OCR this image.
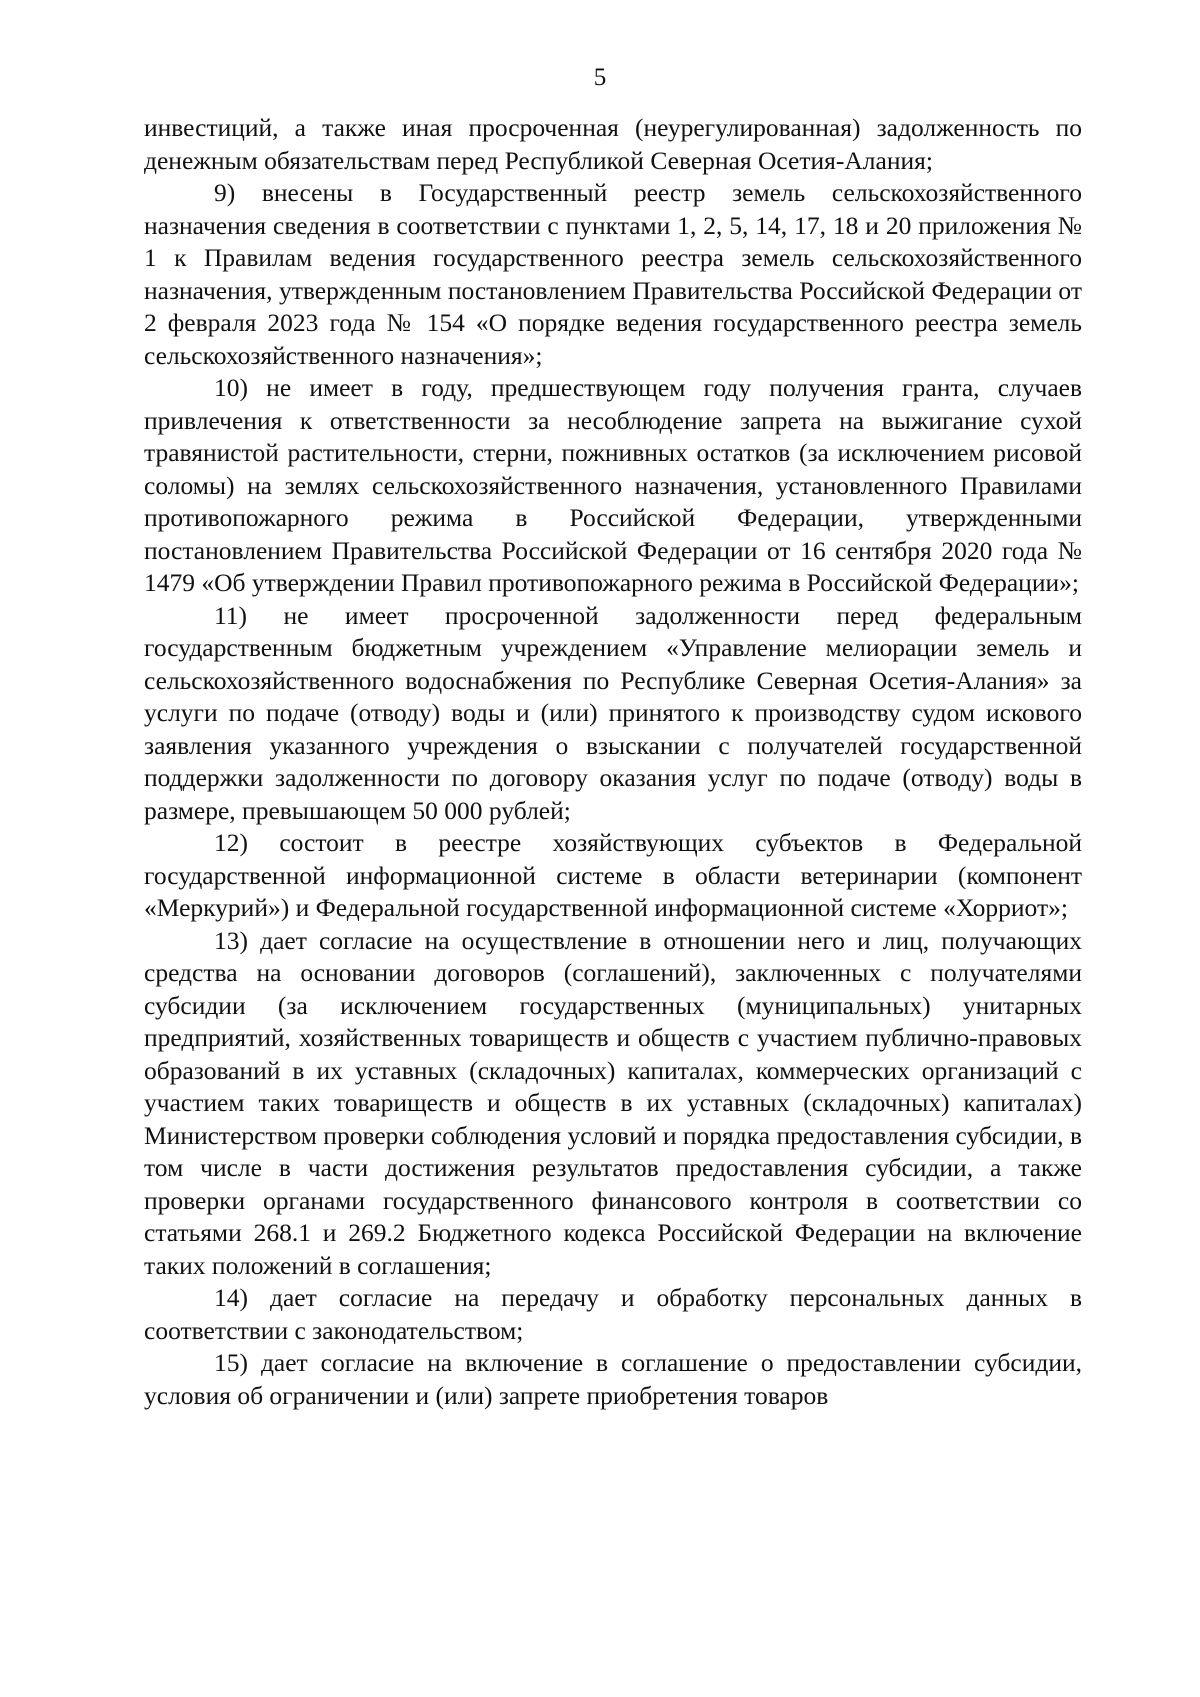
5

инвестиций, а также иная просроченная (неурегулированная) задолженность по денежным обязательствам перед Республикой Северная Осетия-Алания;

9) внесены в Государственный реестр земель сельскохозяйственного назначения сведения в соответствии с пунктами 1, 2, 5, 14, 17, 18 и 20 приложения № 1 к Правилам ведения государственного реестра земель сельскохозяйственного назначения, утвержденным постановлением Правительства Российской Федерации от 2 февраля 2023 года № 154 «О порядке ведения государственного реестра земель сельскохозяйственного назначения»;

10) не имеет в году, предшествующем году получения гранта, случаев привлечения к ответственности за несоблюдение запрета на выжигание сухой травянистой растительности, стерни, пожнивных остатков (за исключением рисовой соломы) на землях сельскохозяйственного назначения, установленного Правилами противопожарного режима в Российской Федерации, утвержденными постановлением Правительства Российской Федерации от 16 сентября 2020 года № 1479 «Об утверждении Правил противопожарного режима в Российской Федерации»;

11) не имеет просроченной задолженности перед федеральным государственным бюджетным учреждением «Управление мелиорации земель и сельскохозяйственного водоснабжения по Республике Северная Осетия-Алания» за услуги по подаче (отводу) воды и (или) принятого к производству судом искового заявления указанного учреждения о взыскании с получателей государственной поддержки задолженности по договору оказания услуг по подаче (отводу) воды в размере, превышающем 50 000 рублей;

12) состоит в реестре хозяйствующих субъектов в Федеральной государственной информационной системе в области ветеринарии (компонент «Меркурий») и Федеральной государственной информационной системе «Хорриот»;

13) дает согласие на осуществление в отношении него и лиц, получающих средства на основании договоров (соглашений), заключенных с получателями субсидии (за исключением государственных (муниципальных) унитарных предприятий, хозяйственных товариществ и обществ с участием публично-правовых образований в их уставных (складочных) капиталах, коммерческих организаций с участием таких товариществ и обществ в их уставных (складочных) капиталах) Министерством проверки соблюдения условий и порядка предоставления субсидии, в том числе в части достижения результатов предоставления субсидии, а также проверки органами государственного финансового контроля в соответствии со статьями 268.1 и 269.2 Бюджетного кодекса Российской Федерации на включение таких положений в соглашения;

14) дает согласие на передачу и обработку персональных данных в соответствии с законодательством;

15) дает согласие на включение в соглашение о предоставлении субсидии, условия об ограничении и (или) запрете приобретения товаров
